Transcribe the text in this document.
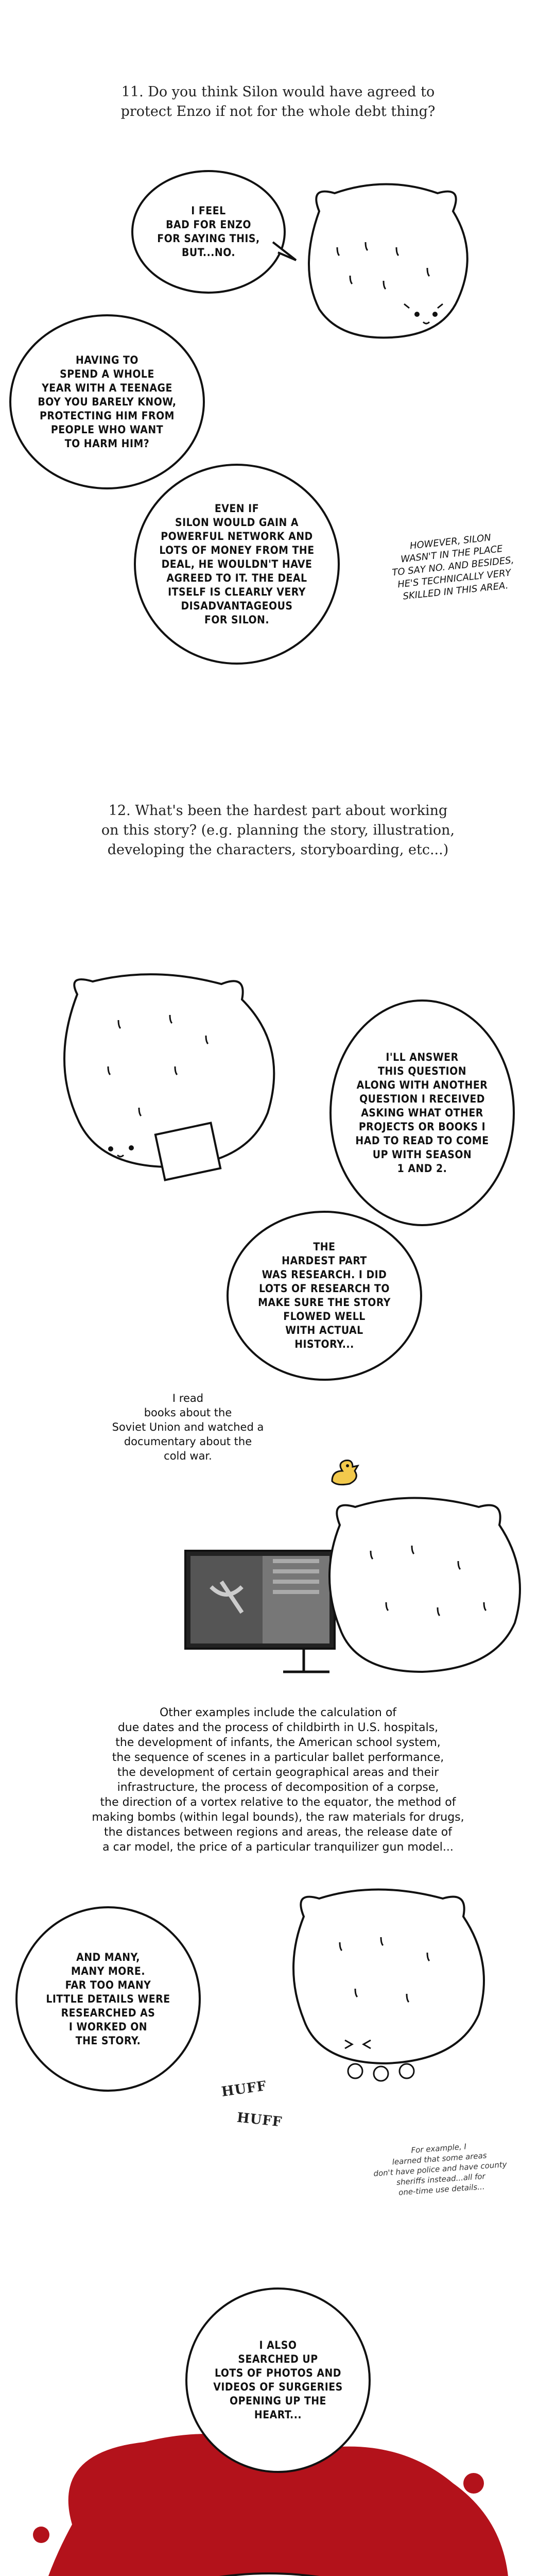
11. Do you think Silon would have agreed to
protect Enzo if not for the whole debt thing?
I FEEL
BAD FOR ENZO
FOR SAYING THIS,
BUT...NO.
HAVING TO
SPEND A WHOLE
YEAR WITH A TEENAGE
BOY YOU BARELY KNOW,
PROTECTING HIM FROM
PEOPLE WHO WANT
TO HARM HIM?
EVEN IF
SILON WOULD GAIN A
POWERFUL NETWORK AND
LOTS OF MONEY FROM THE
DEAL, HE WOULDN'T HAVE
AGREED TO IT. THE DEAL
ITSELF IS CLEARLY VERY
DISADVANTAGEOUS
FOR SILON.
HOWEVER, SILON
WASN'T IN THE PLACE
TO SAY NO. AND BESIDES,
HE'S TECHNICALLY VERY
SKILLED IN THIS AREA.
12. What's been the hardest part about working
on this story? (e.g. planning the story, illustration,
developing the characters, storyboarding, etc...)
I'LL ANSWER
THIS QUESTION
ALONG WITH ANOTHER
QUESTION I RECEIVED
ASKING WHAT OTHER
PROJECTS OR BOOKS I
HAD TO READ TO COME
UP WITH SEASON
1 AND 2.
THE
HARDEST PART
WAS RESEARCH. I DID
LOTS OF RESEARCH TO
MAKE SURE THE STORY
FLOWED WELL
WITH ACTUAL
HISTORY...
I read
books about the
Soviet Union and watched a
documentary about the
cold war.
Other examples include the calculation of
due dates and the process of childbirth in U.S. hospitals,
the development of infants, the American school system,
the sequence of scenes in a particular ballet performance,
the development of certain geographical areas and their
infrastructure, the process of decomposition of a corpse,
the direction of a vortex relative to the equator, the method of
making bombs (within legal bounds), the raw materials for drugs,
the distances between regions and areas, the release date of
a car model, the price of a particular tranquilizer gun model...
AND MANY,
MANY MORE.
FAR TOO MANY
LITTLE DETAILS WERE
RESEARCHED AS
I WORKED ON
THE STORY.
HUFF
HUFF
For example, I
learned that some areas
don't have police and have county
sheriffs instead...all for
one-time use details...
I ALSO
SEARCHED UP
LOTS OF PHOTOS AND
VIDEOS OF SURGERIES
OPENING UP THE
HEART...
